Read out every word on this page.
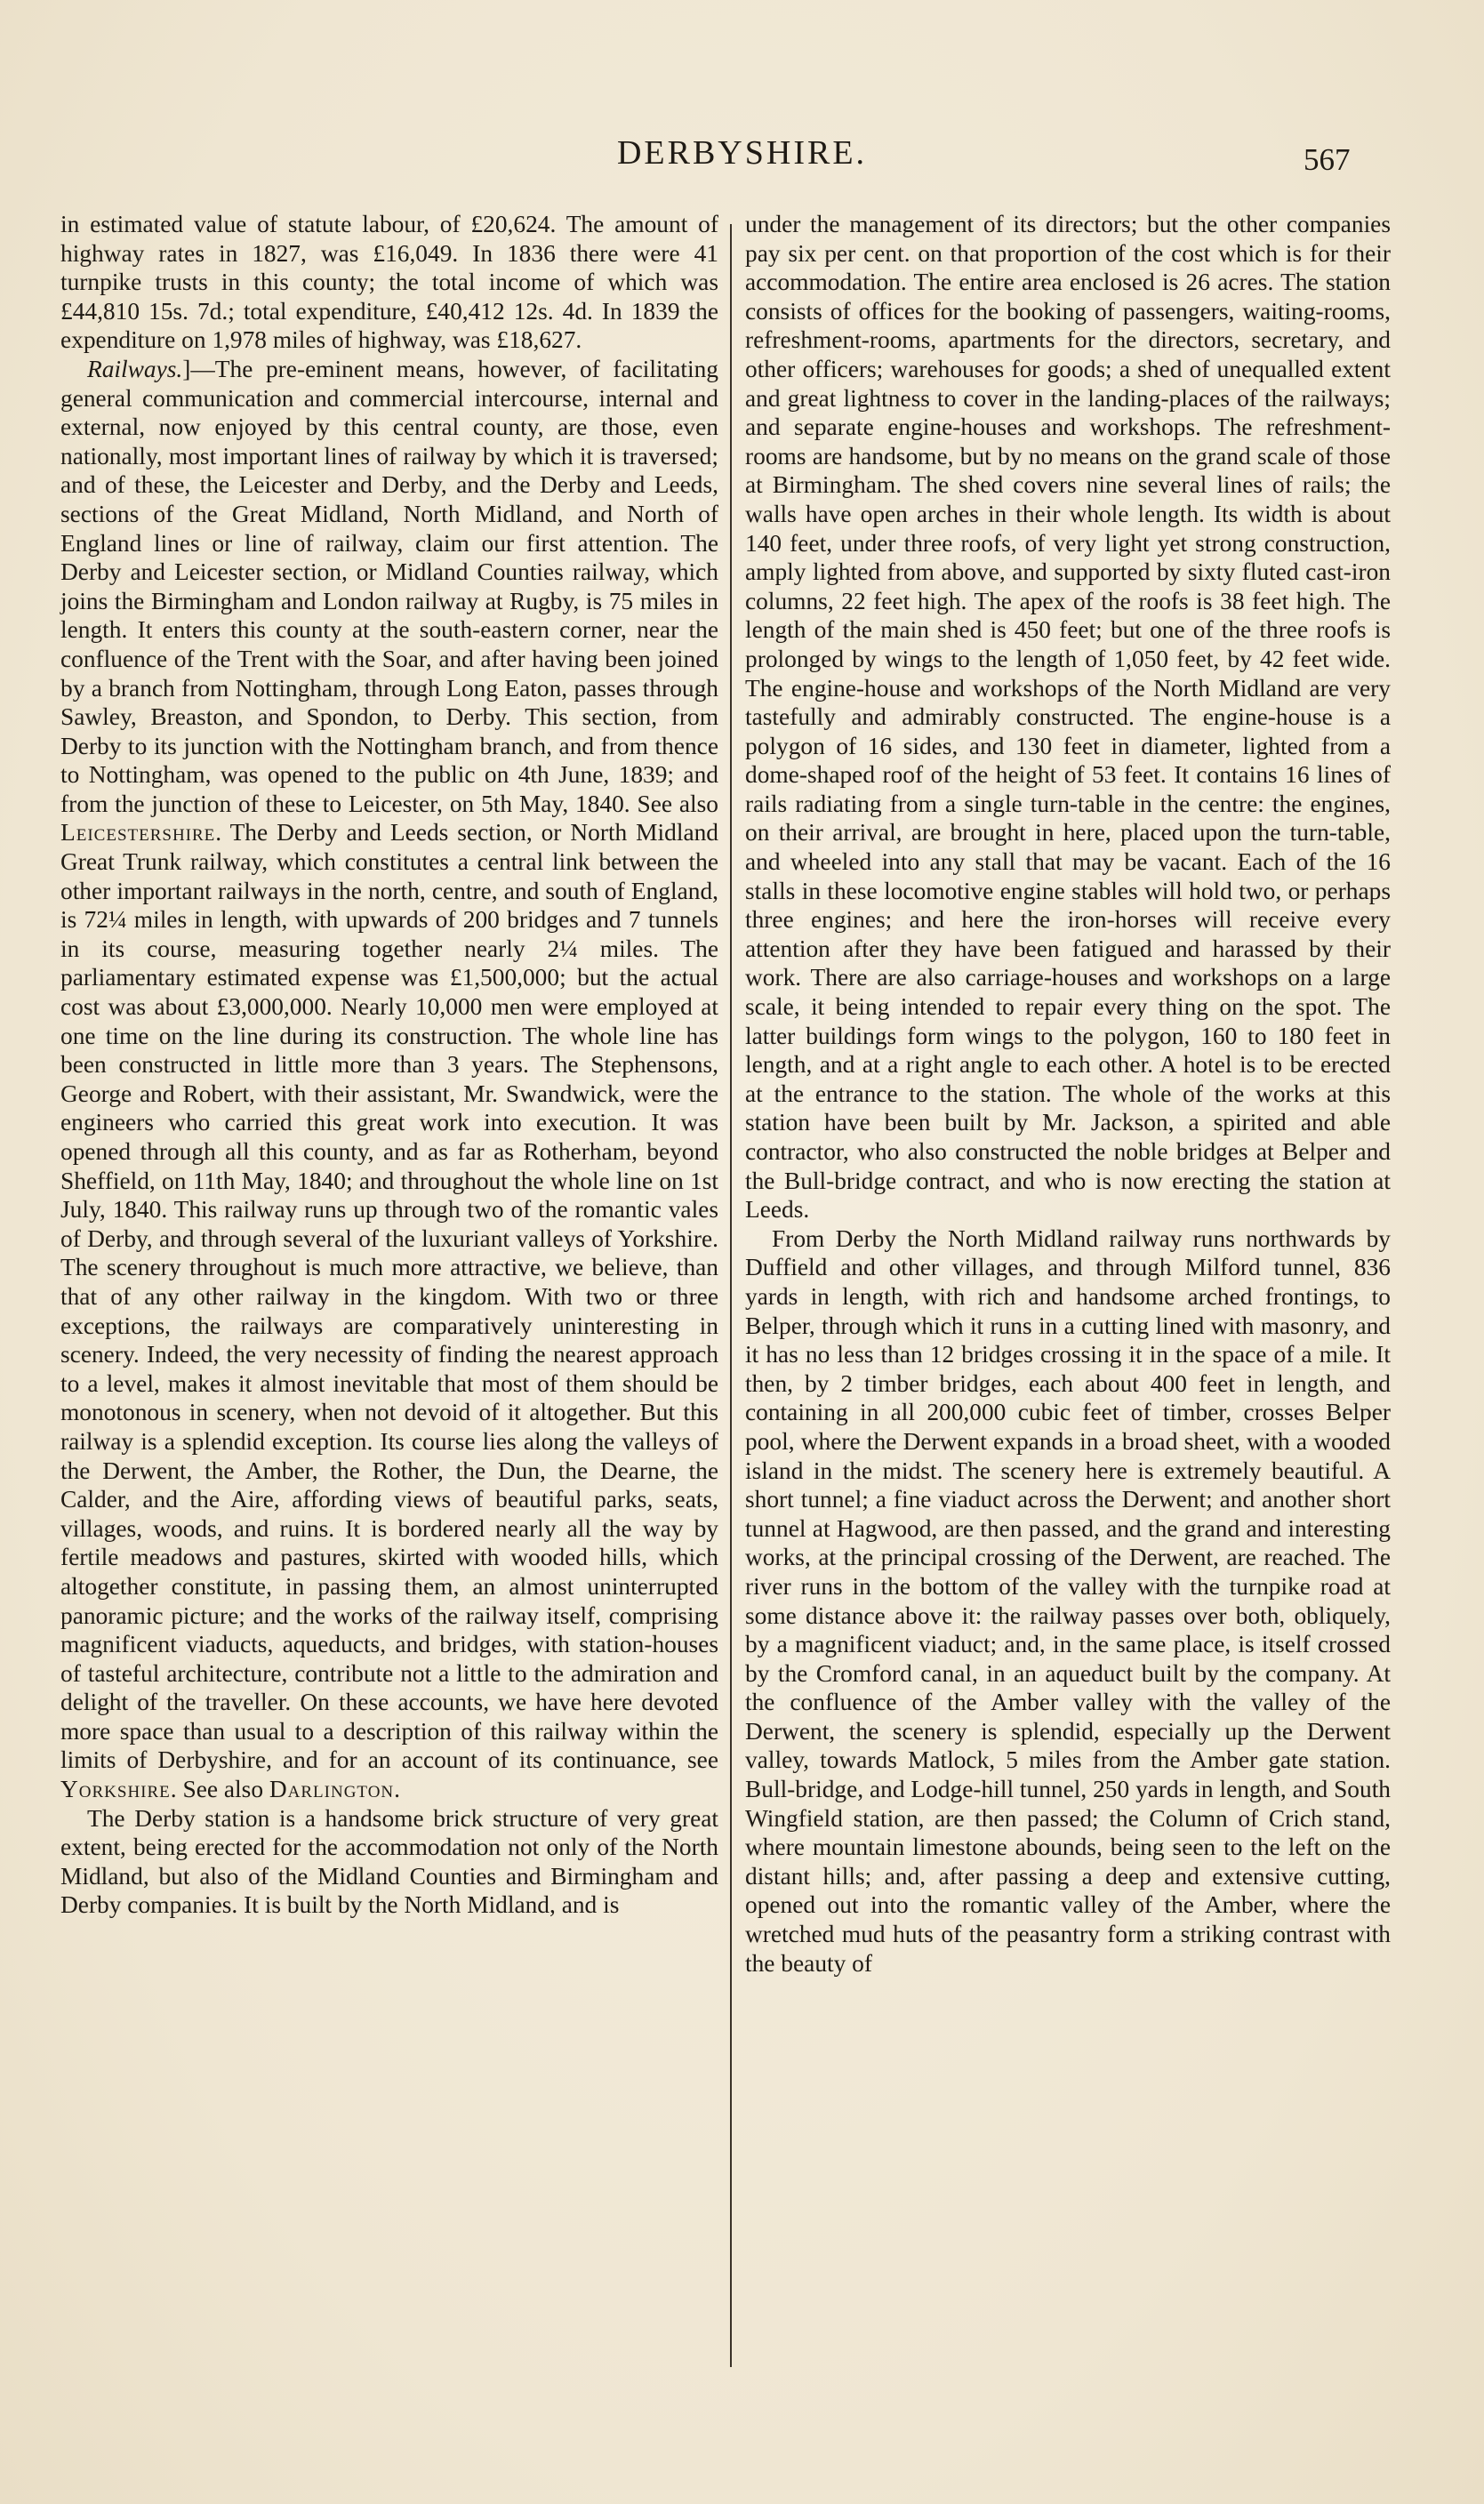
DERBYSHIRE.	567

in estimated value of statute labour, of £20,624. The amount of highway rates in 1827, was £16,049. In 1836 there were 41 turnpike trusts in this county; the total income of which was £44,810 15s. 7d.; total expenditure, £40,412 12s. 4d. In 1839 the expenditure on 1,978 miles of highway, was £18,627.

Railways.]—The pre-eminent means, however, of facilitating general communication and commercial intercourse, internal and external, now enjoyed by this central county, are those, even nationally, most important lines of railway by which it is traversed; and of these, the Leicester and Derby, and the Derby and Leeds, sections of the Great Midland, North Midland, and North of England lines or line of railway, claim our first attention. The Derby and Leicester section, or Midland Counties railway, which joins the Birmingham and London railway at Rugby, is 75 miles in length. It enters this county at the south-eastern corner, near the confluence of the Trent with the Soar, and after having been joined by a branch from Nottingham, through Long Eaton, passes through Sawley, Breaston, and Spondon, to Derby. This section, from Derby to its junction with the Nottingham branch, and from thence to Nottingham, was opened to the public on 4th June, 1839; and from the junction of these to Leicester, on 5th May, 1840. See also Leicestershire. The Derby and Leeds section, or North Midland Great Trunk railway, which constitutes a central link between the other important railways in the north, centre, and south of England, is 72¼ miles in length, with upwards of 200 bridges and 7 tunnels in its course, measuring together nearly 2¼ miles. The parliamentary estimated expense was £1,500,000; but the actual cost was about £3,000,000. Nearly 10,000 men were employed at one time on the line during its construction. The whole line has been constructed in little more than 3 years. The Stephensons, George and Robert, with their assistant, Mr. Swandwick, were the engineers who carried this great work into execution. It was opened through all this county, and as far as Rotherham, beyond Sheffield, on 11th May, 1840; and throughout the whole line on 1st July, 1840. This railway runs up through two of the romantic vales of Derby, and through several of the luxuriant valleys of Yorkshire. The scenery throughout is much more attractive, we believe, than that of any other railway in the kingdom. With two or three exceptions, the railways are comparatively uninteresting in scenery. Indeed, the very necessity of finding the nearest approach to a level, makes it almost inevitable that most of them should be monotonous in scenery, when not devoid of it altogether. But this railway is a splendid exception. Its course lies along the valleys of the Derwent, the Amber, the Rother, the Dun, the Dearne, the Calder, and the Aire, affording views of beautiful parks, seats, villages, woods, and ruins. It is bordered nearly all the way by fertile meadows and pastures, skirted with wooded hills, which altogether constitute, in passing them, an almost uninterrupted panoramic picture; and the works of the railway itself, comprising magnificent viaducts, aqueducts, and bridges, with station-houses of tasteful architecture, contribute not a little to the admiration and delight of the traveller. On these accounts, we have here devoted more space than usual to a description of this railway within the limits of Derbyshire, and for an account of its continuance, see Yorkshire. See also Darlington.

The Derby station is a handsome brick structure of very great extent, being erected for the accommodation not only of the North Midland, but also of the Midland Counties and Birmingham and Derby companies. It is built by the North Midland, and is

under the management of its directors; but the other companies pay six per cent. on that proportion of the cost which is for their accommodation. The entire area enclosed is 26 acres. The station consists of offices for the booking of passengers, waiting-rooms, refreshment-rooms, apartments for the directors, secretary, and other officers; warehouses for goods; a shed of unequalled extent and great lightness to cover in the landing-places of the railways; and separate engine-houses and workshops. The refreshment-rooms are handsome, but by no means on the grand scale of those at Birmingham. The shed covers nine several lines of rails; the walls have open arches in their whole length. Its width is about 140 feet, under three roofs, of very light yet strong construction, amply lighted from above, and supported by sixty fluted cast-iron columns, 22 feet high. The apex of the roofs is 38 feet high. The length of the main shed is 450 feet; but one of the three roofs is prolonged by wings to the length of 1,050 feet, by 42 feet wide. The engine-house and workshops of the North Midland are very tastefully and admirably constructed. The engine-house is a polygon of 16 sides, and 130 feet in diameter, lighted from a dome-shaped roof of the height of 53 feet. It contains 16 lines of rails radiating from a single turn-table in the centre: the engines, on their arrival, are brought in here, placed upon the turn-table, and wheeled into any stall that may be vacant. Each of the 16 stalls in these locomotive engine stables will hold two, or perhaps three engines; and here the iron-horses will receive every attention after they have been fatigued and harassed by their work. There are also carriage-houses and workshops on a large scale, it being intended to repair every thing on the spot. The latter buildings form wings to the polygon, 160 to 180 feet in length, and at a right angle to each other. A hotel is to be erected at the entrance to the station. The whole of the works at this station have been built by Mr. Jackson, a spirited and able contractor, who also constructed the noble bridges at Belper and the Bull-bridge contract, and who is now erecting the station at Leeds.

From Derby the North Midland railway runs northwards by Duffield and other villages, and through Milford tunnel, 836 yards in length, with rich and handsome arched frontings, to Belper, through which it runs in a cutting lined with masonry, and it has no less than 12 bridges crossing it in the space of a mile. It then, by 2 timber bridges, each about 400 feet in length, and containing in all 200,000 cubic feet of timber, crosses Belper pool, where the Derwent expands in a broad sheet, with a wooded island in the midst. The scenery here is extremely beautiful. A short tunnel; a fine viaduct across the Derwent; and another short tunnel at Hagwood, are then passed, and the grand and interesting works, at the principal crossing of the Derwent, are reached. The river runs in the bottom of the valley with the turnpike road at some distance above it: the railway passes over both, obliquely, by a magnificent viaduct; and, in the same place, is itself crossed by the Cromford canal, in an aqueduct built by the company. At the confluence of the Amber valley with the valley of the Derwent, the scenery is splendid, especially up the Derwent valley, towards Matlock, 5 miles from the Amber gate station. Bull-bridge, and Lodge-hill tunnel, 250 yards in length, and South Wingfield station, are then passed; the Column of Crich stand, where mountain limestone abounds, being seen to the left on the distant hills; and, after passing a deep and extensive cutting, opened out into the romantic valley of the Amber, where the wretched mud huts of the peasantry form a striking contrast with the beauty of
